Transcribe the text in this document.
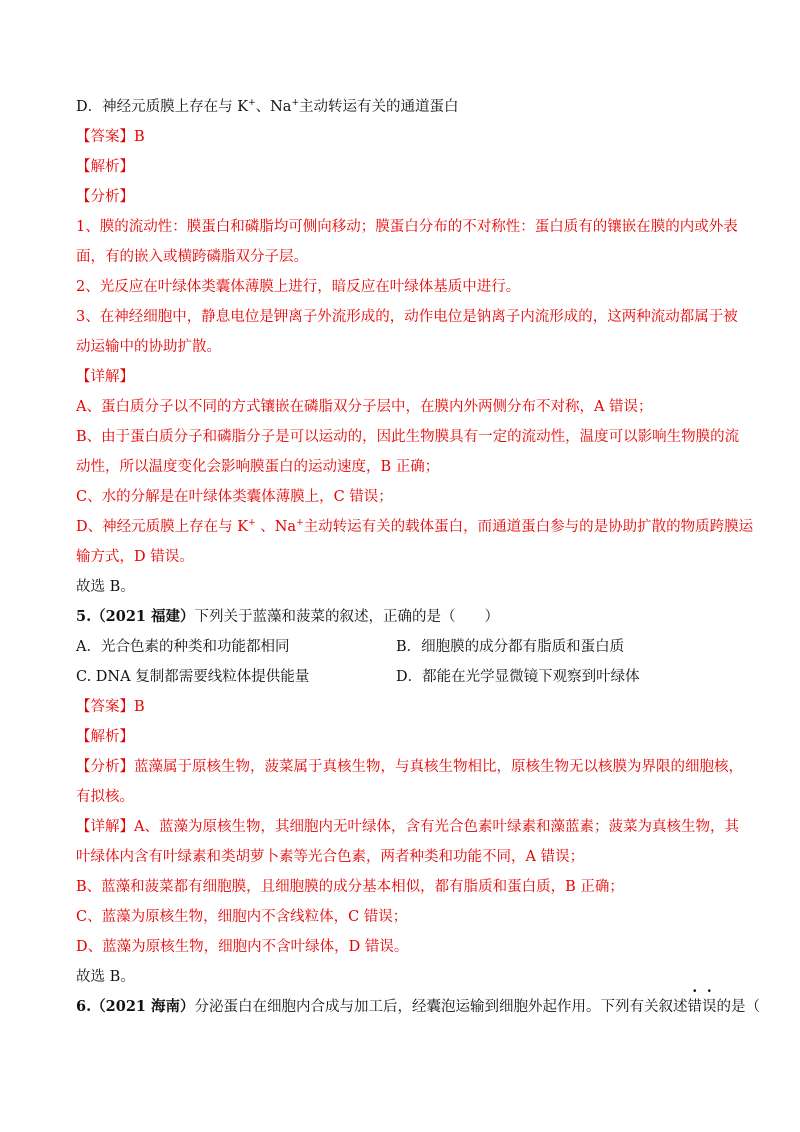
D．神经元质膜上存在与 K+、Na+主动转运有关的通道蛋白
【答案】B
【解析】
【分析】
1、膜的流动性：膜蛋白和磷脂均可侧向移动；膜蛋白分布的不对称性：蛋白质有的镶嵌在膜的内或外表
面，有的嵌入或横跨磷脂双分子层。
2、光反应在叶绿体类囊体薄膜上进行，暗反应在叶绿体基质中进行。
3、在神经细胞中，静息电位是钾离子外流形成的，动作电位是钠离子内流形成的，这两种流动都属于被
动运输中的协助扩散。
【详解】
A、蛋白质分子以不同的方式镶嵌在磷脂双分子层中，在膜内外两侧分布不对称，A 错误；
B、由于蛋白质分子和磷脂分子是可以运动的，因此生物膜具有一定的流动性，温度可以影响生物膜的流
动性，所以温度变化会影响膜蛋白的运动速度，B 正确；
C、水的分解是在叶绿体类囊体薄膜上，C 错误；
D、神经元质膜上存在与 K+ 、Na+主动转运有关的载体蛋白，而通道蛋白参与的是协助扩散的物质跨膜运
输方式，D 错误。
故选 B。
5.（2021 福建）下列关于蓝藻和菠菜的叙述，正确的是（　　）
A．光合色素的种类和功能都相同	B．细胞膜的成分都有脂质和蛋白质
C. DNA 复制都需要线粒体提供能量	D．都能在光学显微镜下观察到叶绿体
【答案】B
【解析】
【分析】蓝藻属于原核生物，菠菜属于真核生物，与真核生物相比，原核生物无以核膜为界限的细胞核，
有拟核。
【详解】A、蓝藻为原核生物，其细胞内无叶绿体，含有光合色素叶绿素和藻蓝素；菠菜为真核生物，其
叶绿体内含有叶绿素和类胡萝卜素等光合色素，两者种类和功能不同，A 错误；
B、蓝藻和菠菜都有细胞膜，且细胞膜的成分基本相似，都有脂质和蛋白质，B 正确；
C、蓝藻为原核生物，细胞内不含线粒体，C 错误；
D、蓝藻为原核生物，细胞内不含叶绿体，D 错误。
故选 B。
6.（2021 海南）分泌蛋白在细胞内合成与加工后，经囊泡运输到细胞外起作用。下列有关叙述错误的是（
